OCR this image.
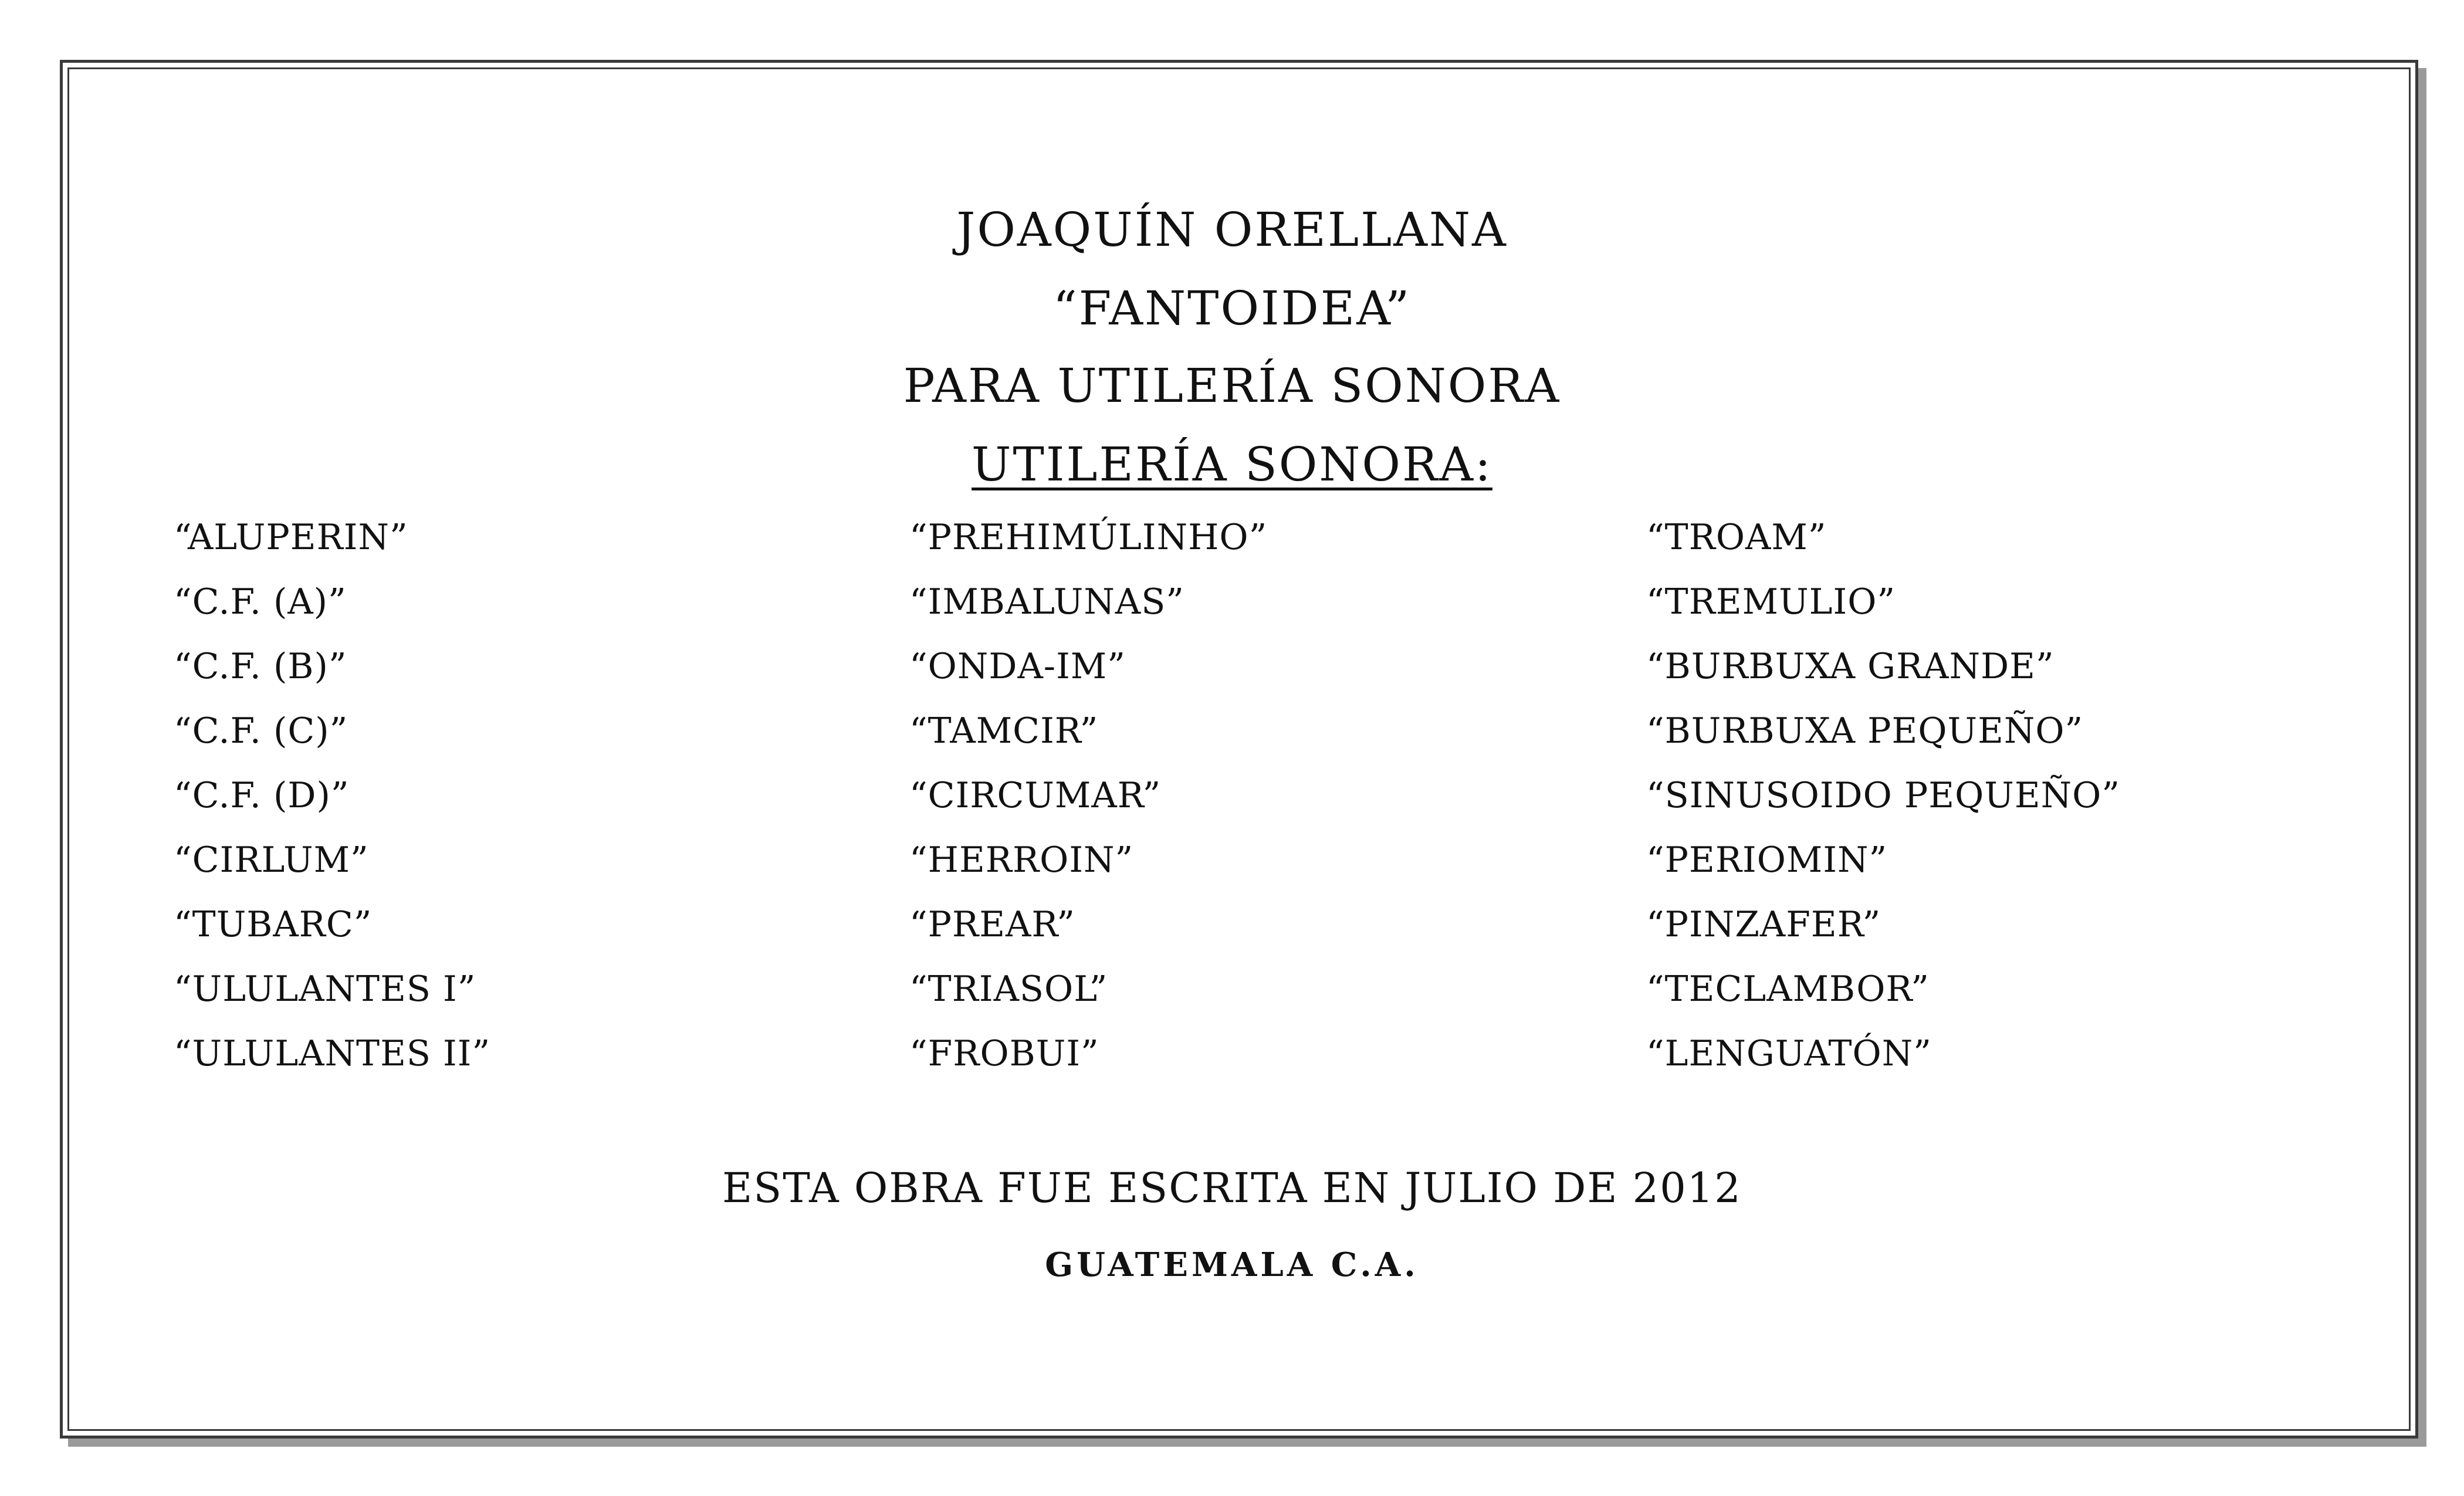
JOAQUÍN ORELLANA
“FANTOIDEA”
PARA UTILERÍA SONORA
UTILERÍA SONORA:
“ALUPERIN”
“C.F. (A)”
“C.F. (B)”
“C.F. (C)”
“C.F. (D)”
“CIRLUM”
“TUBARC”
“ULULANTES I”
“ULULANTES II”
“PREHIMÚLINHO”
“IMBALUNAS”
“ONDA-IM”
“TAMCIR”
“CIRCUMAR”
“HERROIN”
“PREAR”
“TRIASOL”
“FROBUI”
“TROAM”
“TREMULIO”
“BURBUXA GRANDE”
“BURBUXA PEQUEÑO”
“SINUSOIDO PEQUEÑO”
“PERIOMIN”
“PINZAFER”
“TECLAMBOR”
“LENGUATÓN”
ESTA OBRA FUE ESCRITA EN JULIO DE 2012
GUATEMALA C.A.
